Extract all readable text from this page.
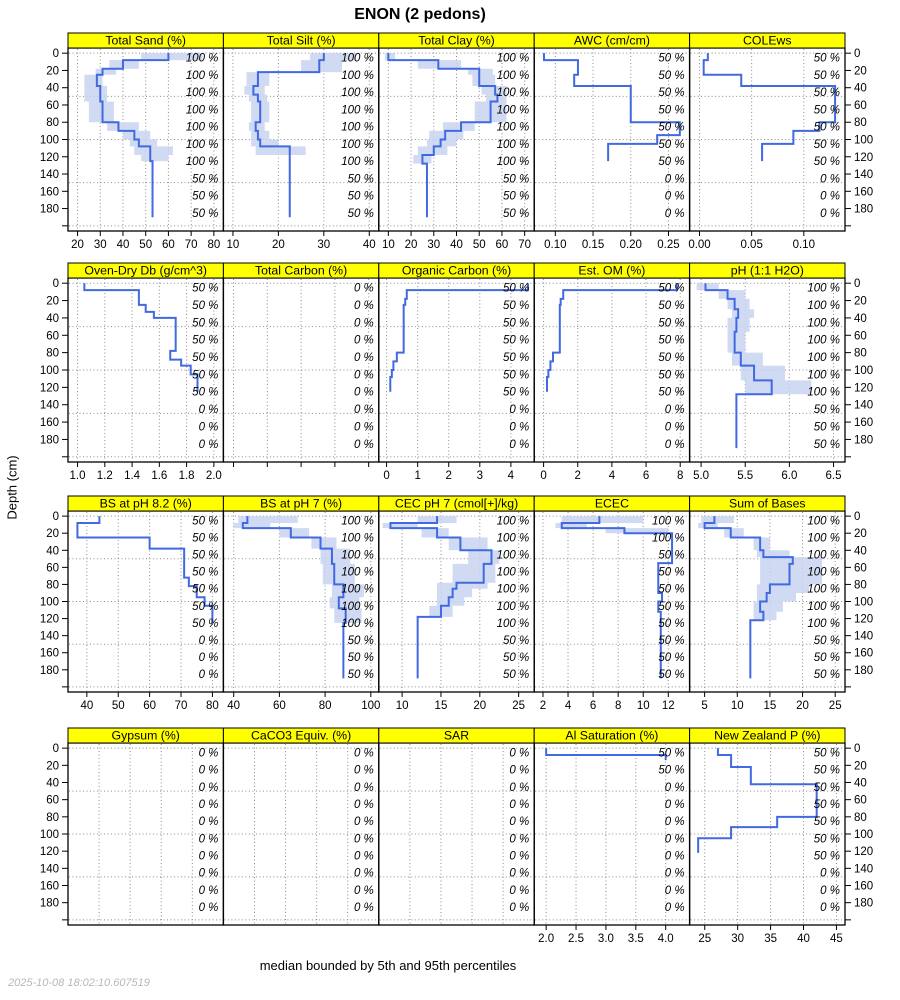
ENON (2 pedons)
Depth (cm)
100 %
100 %
100 %
100 %
100 %
100 %
100 %
50 %
50 %
50 %
Total Sand (%)
20 30 40 50 60 70 80
0
20
40
60
80
100
120
140
160
180
100 %
100 %
100 %
100 %
100 %
100 %
100 %
50 %
50 %
50 %
Total Silt (%)
10	20	30	40
100 %
100 %
100 %
100 %
100 %
100 %
100 %
50 %
50 %
50 %
Total Clay (%)
10 20 30 40 50 60 70
50 %
50 %
50 %
50 %
50 %
50 %
50 %
0 %
0 %
0 %
AWC (cm/cm)
0.10 0.15 0.20 0.25
50 %
50 %
50 %
50 %
50 %
50 %
50 %
0 %
0 %
0 %
COLEws
0.00	0.05	0.10
0
20
40
60
80
100
120
140
160
180
50 %
50 %
50 %
50 %
50 %
50 %
50 %
0 %
0 %
0 %
Oven-Dry Db (g/cm^3)
1.0 1.2 1.4 1.6 1.8 2.0
0
20
40
60
80
100
120
140
160
180
0 %
0 %
0 %
0 %
0 %
0 %
0 %
0 %
0 %
0 %
Total Carbon (%)
50 %
50 %
50 %
50 %
50 %
50 %
50 %
0 %
0 %
0 %
Organic Carbon (%)
0 1 2 3 4
50 %
50 %
50 %
50 %
50 %
50 %
50 %
0 %
0 %
0 %
Est. OM (%)
0 2 4 6 8
100 %
100 %
100 %
100 %
100 %
100 %
100 %
50 %
50 %
50 %
pH (1:1 H2O)
5.0 5.5 6.0 6.5
0
20
40
60
80
100
120
140
160
180
50 %
50 %
50 %
50 %
50 %
50 %
50 %
0 %
0 %
0 %
BS at pH 8.2 (%)
40 50 60 70 80
0
20
40
60
80
100
120
140
160
180
100 %
100 %
100 %
100 %
100 %
100 %
100 %
50 %
50 %
50 %
BS at pH 7 (%)
40	60	80	100
100 %
100 %
100 %
100 %
100 %
100 %
100 %
50 %
50 %
50 %
CEC pH 7 (cmol[+]/kg)
10 15 20 25
100 %
100 %
50 %
50 %
50 %
50 %
50 %
50 %
50 %
50 %
ECEC
2 4 6 8 10 12
100 %
100 %
100 %
100 %
100 %
100 %
100 %
50 %
50 %
50 %
Sum of Bases
5 10 15 20 25
0
20
40
60
80
100
120
140
160
180
0 %
0 %
0 %
0 %
0 %
0 %
0 %
0 %
0 %
0 %
Gypsum (%)
0
20
40
60
80
100
120
140
160
180
0 %
0 %
0 %
0 %
0 %
0 %
0 %
0 %
0 %
0 %
CaCO3 Equiv. (%)
0 %
0 %
0 %
0 %
0 %
0 %
0 %
0 %
0 %
0 %
SAR
50 %
50 %
0 %
0 %
0 %
0 %
0 %
0 %
0 %
0 %
Al Saturation (%)
2.0 2.5 3.0 3.5 4.0
50 %
50 %
50 %
50 %
50 %
50 %
50 %
0 %
0 %
0 %
New Zealand P (%)
25 30 35 40 45
0
20
40
60
80
100
120
140
160
180
median bounded by 5th and 95th percentiles
2025-10-08 18:02:10.607519
